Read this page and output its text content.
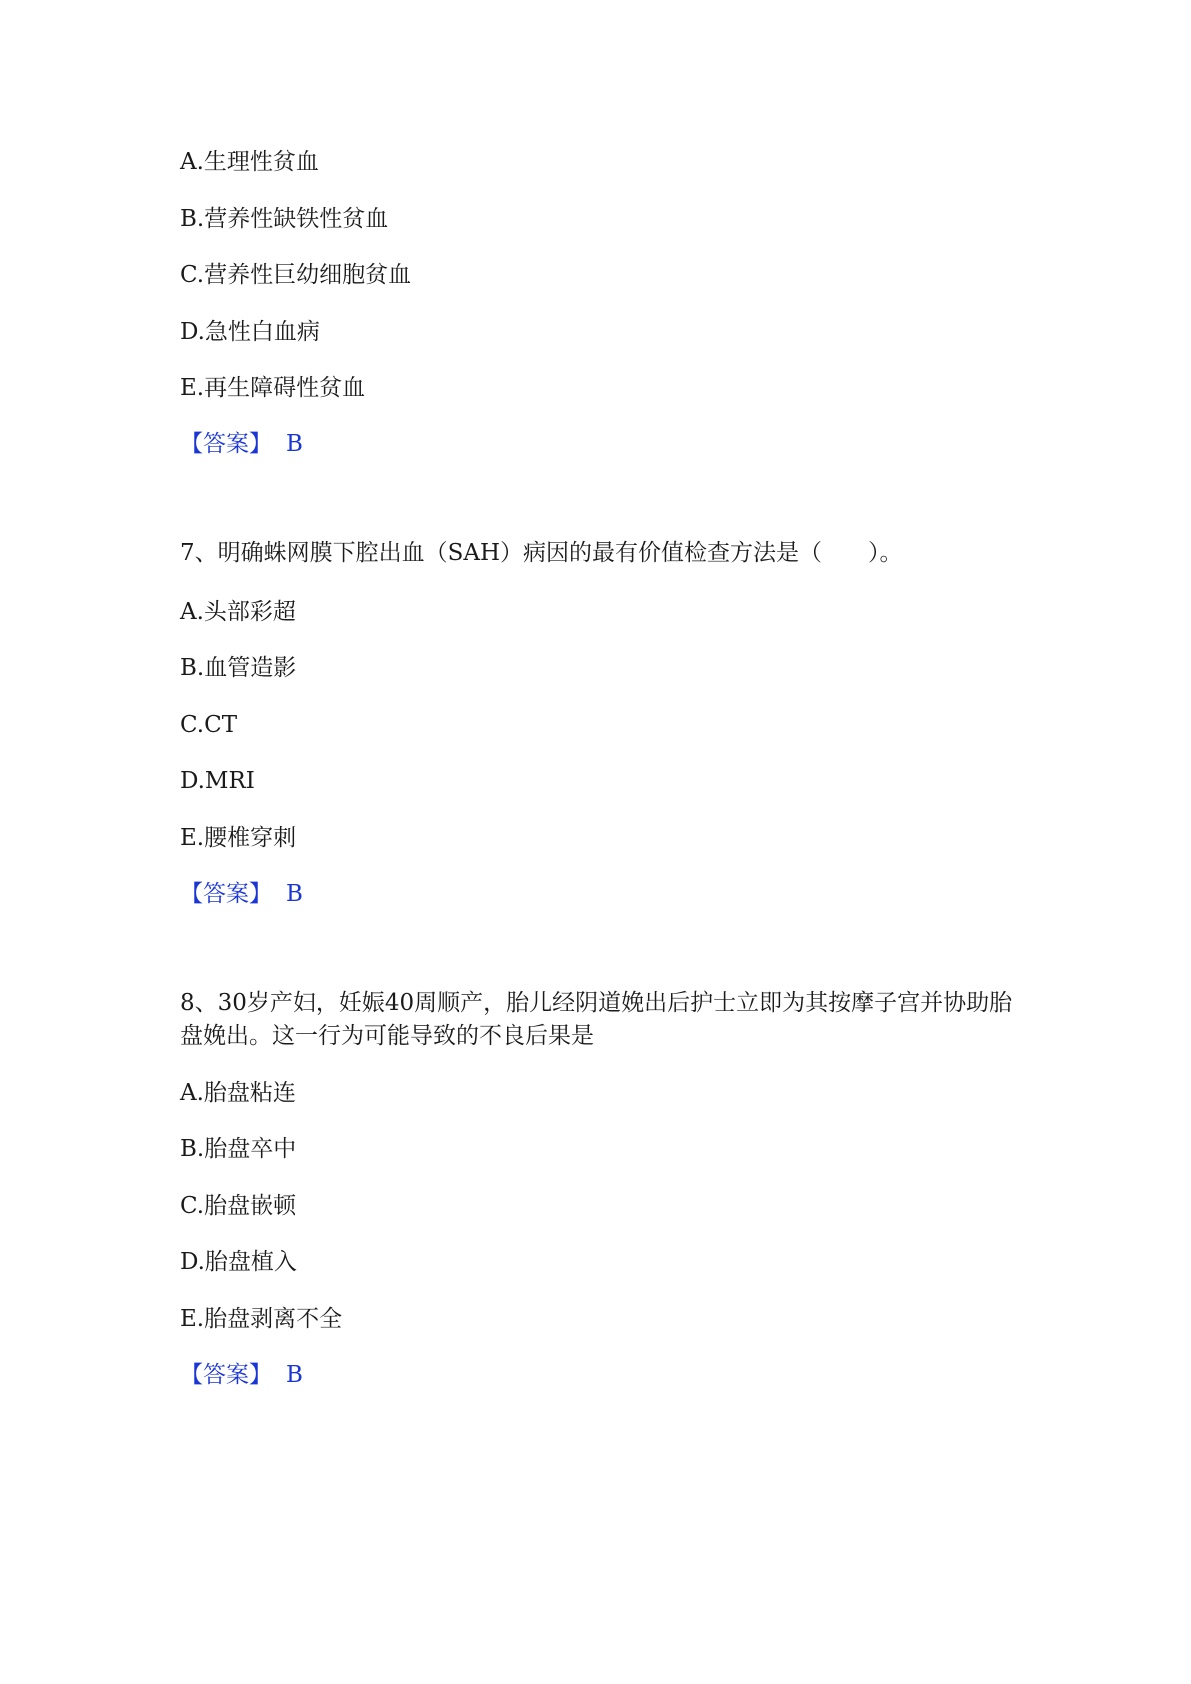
A.生理性贫血
B.营养性缺铁性贫血
C.营养性巨幼细胞贫血
D.急性白血病
E.再生障碍性贫血
【答案】 B
7、明确蛛网膜下腔出血（SAH）病因的最有价值检查方法是（　　）。
A.头部彩超
B.血管造影
C.CT
D.MRI
E.腰椎穿刺
【答案】 B
8、30岁产妇，妊娠40周顺产，胎儿经阴道娩出后护士立即为其按摩子宫并协助胎盘娩出。这一行为可能导致的不良后果是
A.胎盘粘连
B.胎盘卒中
C.胎盘嵌顿
D.胎盘植入
E.胎盘剥离不全
【答案】 B
